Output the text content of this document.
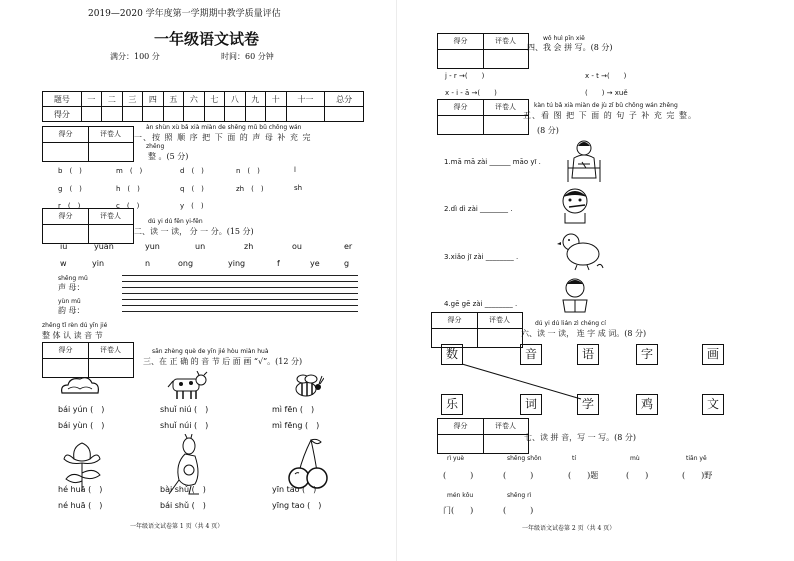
2019—2020 学年度第一学期期中教学质量评估
一年级语文试卷
满分：100 分	时间：60 分钟
题号	一	二	三	四	五	六	七	八	九	十	十一	总分
得分												
得分	评卷人
àn shùn xù bǎ xià miàn de shēng mǔ bǔ chōng wán
一、按 照 顺 序 把 下 面 的 声 母 补 充 完
zhěng
整 。(5 分)
b　(　)	m　(　)	d　(　)	n　(　)	l
g　(　)	h　(　)	q　(　)	zh　(　)	sh
r　(　)	c　(　)	y　(　)
得分	评卷人
dú yi dú fēn yi-fēn
二、读 一 读， 分 一 分。(15 分)
iu	yuan	yun	un	zh	ou	er
w	yin	n	ong	ying	f	ye	g
shēng mǔ
声 母：
yùn mǔ
韵 母：
zhěng tǐ rèn dú yīn jié
整 体 认 读 音 节
得分	评卷人	sān zhèng què de yīn jié hòu miàn huà
三、在 正 确 的 音 节 后 面 画 “√”。(12 分)
bái yún (　)	shuǐ niú (　)	mì fēn (　)
bái yùn (　)	shuǐ núi (　)	mì fēng (　)
hé huā (　)	bài shǔ (　)	yīn tao (　)
né huā (　)	bái shǔ (　)	yīng tao (　)
一年级语文试卷第 1 页（共 4 页）
得分	评卷人	wǒ huì pīn xiě
四、我 会 拼 写。(8 分)
j - r →(　　)	x - t →(　　)
x - i - ā →(　　)	(　　) → xuě
得分	评卷人	kàn tú bǎ xià miàn de jù zǐ bǔ chōng wán zhěng
五、看 图 把 下 面 的 句 子 补 充 完 整。
(8 分)
1.mā mā zài ______ māo yī .
2.dì dì zài ________ .
3.xiǎo jī zài ________ .
4.gē gē zài ________ .
得分	评卷人	dú yi dú lián zì chéng cí
六、读 一 读， 连 字 成 词。(8 分)
数	音	语	字	画
乐	词	学	鸡	文
得分	评卷人
七、读 拼 音，写 一 写。(8 分)
rì yuè	shēng shōn	tí	mù	tiān yě
(　　　)	(　　　)	(　　)题	(　　)	(　　)野
mén kǒu	shēng rì
门(　　)	(　　　)
一年级语文试卷第 2 页（共 4 页）
